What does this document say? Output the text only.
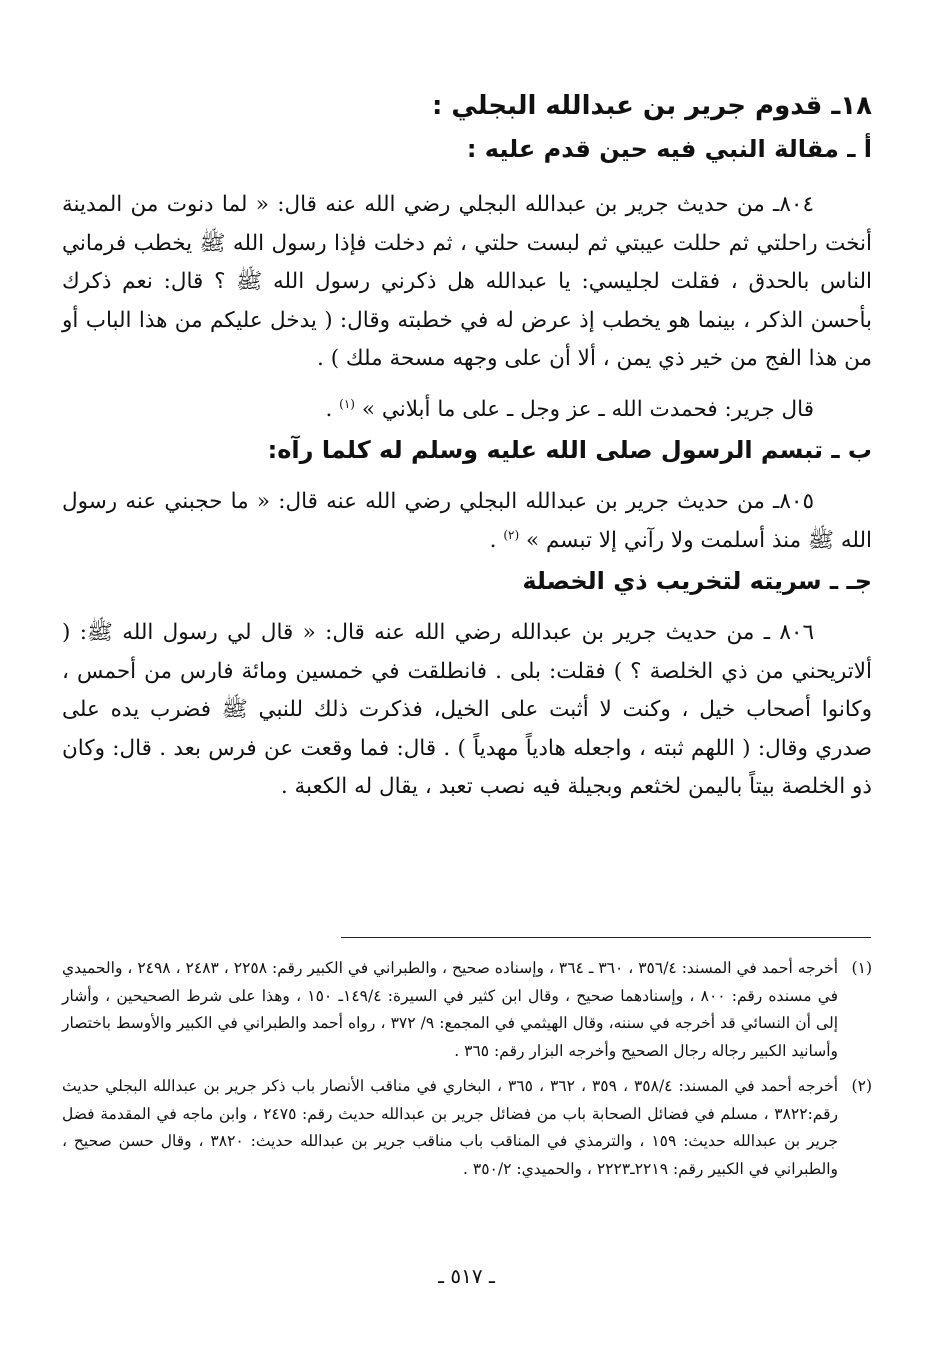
١٨ـ قدوم جرير بن عبدالله البجلي :
أ ـ مقالة النبي فيه حين قدم عليه :

٨٠٤ـ من حديث جرير بن عبدالله البجلي رضي الله عنه قال: « لما دنوت من المدينة أنخت راحلتي ثم حللت عيبتي ثم لبست حلتي ، ثم دخلت فإذا رسول الله ﷺ يخطب فرماني الناس بالحدق ، فقلت لجليسي: يا عبدالله هل ذكرني رسول الله ﷺ ؟ قال: نعم ذكرك بأحسن الذكر ، بينما هو يخطب إذ عرض له في خطبته وقال: ( يدخل عليكم من هذا الباب أو من هذا الفج من خير ذي يمن ، ألا أن على وجهه مسحة ملك ) .

قال جرير: فحمدت الله ـ عز وجل ـ على ما أبلاني » $^{(١)}$ .

ب ـ تبسم الرسول صلى الله عليه وسلم له كلما رآه:

٨٠٥ـ من حديث جرير بن عبدالله البجلي رضي الله عنه قال: « ما حجبني عنه رسول الله ﷺ منذ أسلمت ولا رآني إلا تبسم » $^{(٢)}$ .

جـ ـ سريته لتخريب ذي الخصلة

٨٠٦ ـ من حديث جرير بن عبدالله رضي الله عنه قال: « قال لي رسول الله ﷺ: ( ألاتريحني من ذي الخلصة ؟ ) فقلت: بلى . فانطلقت في خمسين ومائة فارس من أحمس ، وكانوا أصحاب خيل ، وكنت لا أثبت على الخيل، فذكرت ذلك للنبي ﷺ فضرب يده على صدري وقال: ( اللهم ثبته ، واجعله هادياً مهدياً ) . قال: فما وقعت عن فرس بعد . قال: وكان ذو الخلصة بيتاً باليمن لخثعم وبجيلة فيه نصب تعبد ، يقال له الكعبة .

(١)
أخرجه أحمد في المسند: ٣٥٦/٤ ، ٣٦٠ ـ ٣٦٤ ، وإسناده صحيح ، والطبراني في الكبير رقم: ٢٢٥٨ ، ٢٤٨٣ ، ٢٤٩٨ ، والحميدي في مسنده رقم: ٨٠٠ ، وإسنادهما صحيح ، وقال ابن كثير في السيرة: ١٤٩/٤ـ ١٥٠ ، وهذا على شرط الصحيحين ، وأشار إلى أن النسائي قد أخرجه في سننه، وقال الهيثمي في المجمع: ٩/ ٣٧٢ ، رواه أحمد والطبراني في الكبير والأوسط باختصار وأسانيد الكبير رجاله رجال الصحيح وأخرجه البزار رقم: ٣٦٥ .
(٢)
أخرجه أحمد في المسند: ٣٥٨/٤ ، ٣٥٩ ، ٣٦٢ ، ٣٦٥ ، البخاري في مناقب الأنصار باب ذكر جرير بن عبدالله البجلي حديث رقم:٣٨٢٢ ، مسلم في فضائل الصحابة باب من فضائل جرير بن عبدالله حديث رقم: ٢٤٧٥ ، وابن ماجه في المقدمة فضل جرير بن عبدالله حديث: ١٥٩ ، والترمذي في المناقب باب مناقب جرير بن عبدالله حديث: ٣٨٢٠ ، وقال حسن صحيح ، والطبراني في الكبير رقم: ٢٢١٩ـ٢٢٢٣ ، والحميدي: ٣٥٠/٢ .
ـ ٥١٧ ـ
